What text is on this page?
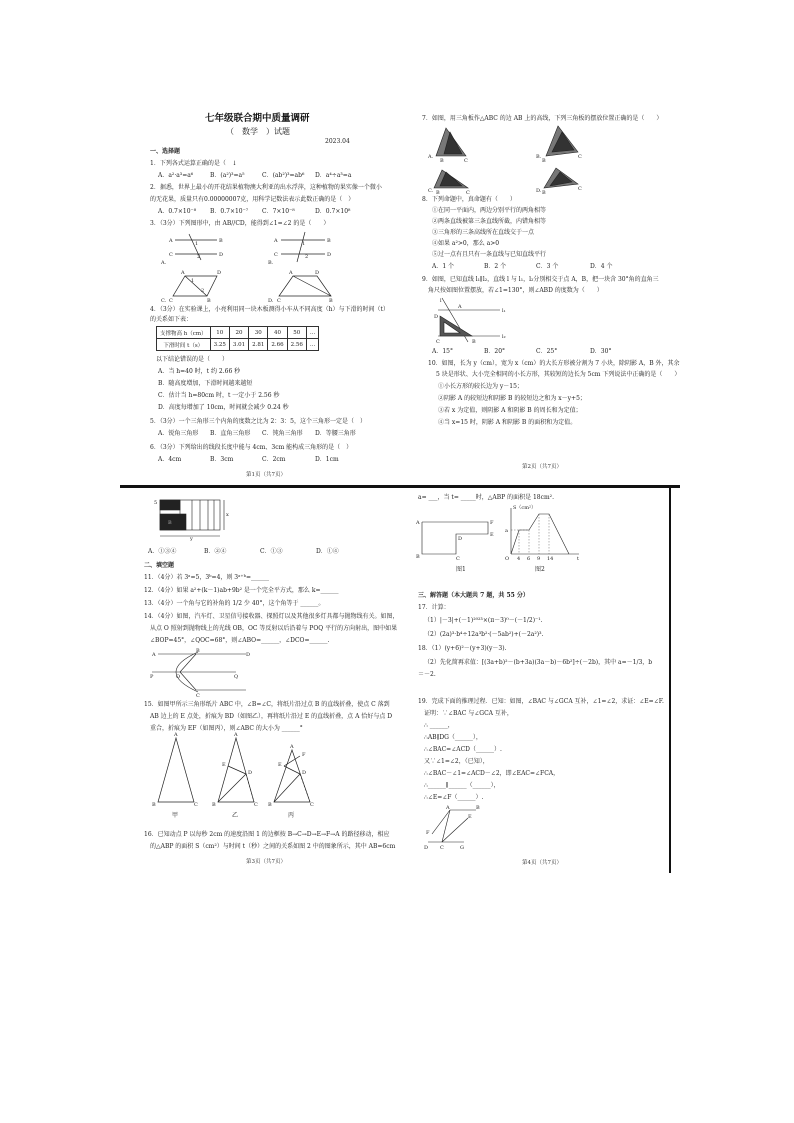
七年级联合期中质量调研
（　数学　）试题
2023.04
一、选择题
1．下列各式运算正确的是（　↓
A．a²·a³=a⁶	B．(a²)³=a⁵	C．(ab²)³=ab⁶ D．a⁴÷a³=a
2．据悉，世界上最小的开花结果植物澳大利亚的出水浮萍，这种植物的果实像一个微小
的无花果，质量只有0.00000007克，用科学记数法表示此数正确的是（　）
A．0.7×10⁻⁸ B．0.7×10⁻⁷ C．7×10⁻⁸	D．0.7×10⁸
3．（3分）下列图形中，由 AB//CD，能得到∠1=∠2 的是（　　）
A	B
C	D
1
2
A.
A	B
C	D
1
2
B.
A	D
C	B
1
2
C.
A	D
C	B
D.
4．（3分）在实验课上，小亮利用同一块木板测得小车从不同高度（h）与下滑的时间（t）
的关系如下表：
支撑物高 h（cm）	10	20	30	40	50	…
下滑时间 t（s）	3.25	3.01	2.81	2.66	2.56	…
以下结论错误的是（　　）
A．当 h=40 时，t 约 2.66 秒
B．随高度增加，下滑时间越来越短
C．估计当 h=80cm 时，t 一定小于 2.56 秒
D．高度每增加了 10cm，时间就会减少 0.24 秒
5．（3分）一个三角形三个内角的度数之比为 2：3：5，这个三角形一定是（　）
A．锐角三角形 B．直角三角形 C．钝角三角形 D．等腰三角形
6．（3分）下列给出的线段长度中能与 4cm、3cm 能构成三角形的是（　）
A．4cm	B．3cm	C．2cm	D．1cm
第1页（共7页）
7．如图，用三角板作△ABC 的边 AB 上的高线，下列三角板的摆放位置正确的是（　　）
A.
B	C
B.
B
C
C. B	C	D. B
C
8．下列命题中，真命题有（　　）
①在同一平面内，两边分别平行的两角相等
②两条直线被第三条直线所截，内错角相等
③三角形的三条高线所在直线交于一点
④如果 a²>0，那么 a>0
⑤过一点有且只有一条直线与已知直线平行
A．1 个	B．2 个	C．3 个	D．4 个
9．如图，已知直线 l₁∥l₂，直线 l 与 l₁，l₂分别相交于点 A，B，把一块含 30°角的直角三
角尺按如图位置摆放，若∠1=130°，则∠ABD 的度数为（　　）
l
l₁
l₂
D
A
B
C
A．15°	B．20°	C．25°	D．30°
10．如图，长为 y（cm），宽为 x（cm）的大长方形被分割为 7 小块，除阴影 A，B 外，其余
5 块是形状、大小完全相同的小长方形，其较短的边长为 5cm 下列说法中正确的是（　　）
①小长方形的较长边为 y－15；
②阴影 A 的较短边和阴影 B 的较短边之和为 x－y+5；
③若 x 为定值，则阴影 A 和阴影 B 的周长和为定值；
④当 x=15 时，阴影 A 和阴影 B 的面积和为定值。
第2页（共7页）
B
5
y
x
A．①③④	B．②④	C．①③	D．①④
二、填空题
11．（4分）若 3ᵃ=5，3ᵇ=4，则 3ᵃ⁺ᵇ=______
12．（4分）如果 a²+(k－1)ab+9b² 是一个完全平方式，那么 k=______
13．（4分）一个角与它的补角的 1/2 少 40°，这个角等于 ______。
14．（4分）如图，汽车灯、卫星信号接收器、探照灯以及其他很多灯具都与抛物线有关。如图，
从点 O 照射到抛物线上的光线 OB，OC 等反射以后沿着与 POQ 平行的方向射出，图中如果
∠BOP=45°，∠QOC=68°，则∠ABO=______，∠DCO=______.
A
B
D
P	O	Q
C
15．如图甲所示三角形纸片 ABC 中，∠B=∠C，将纸片沿过点 B 的直线折叠，使点 C 落到
AB 边上的 E 点处，折痕为 BD（如图乙），再将纸片沿过 E 的直线折叠，点 A 恰好与点 D
重合，折痕为 EF（如图丙），则∠ABC 的大小为 ______°
A
B	C
A
B	C
E
D
A
B	C
E
D
F
甲	乙	丙
16．已知动点 P 以每秒 2cm 的速度沿图 1 的边框按 B→C→D→E→F→A 的路径移动，相应
的△ABP 的面积 S（cm²）与时间 t（秒）之间的关系如图 2 中的图象所示，其中 AB=6cm
第3页（共7页）
a= ___，当 t= _____时，△ABP 的面积是 18cm².
A
B	C
D
E
F
图1
S（cm²）
a
O 4 6 9 14	t
图2
三、解答题（本大题共 7 题，共 55 分）
17．计算：
（1）|－3|+(－1)²⁰²³×(π－3)⁰－(－1/2)⁻¹.
（2）(2a)³·b⁴÷12a³b²·(－5ab²)+(－2a²)³.
18．（1）(y+6)²－(y+3)(y－3).
（2）先化简再求值：[(3a+b)²－(b+3a)(3a－b)－6b²]÷(－2b)，其中 a=－1/3，b
＝－2.
19．完成下面的推理过程．已知：如图，∠BAC 与∠GCA 互补，∠1=∠2，求证：∠E=∠F.
证明：∵∠BAC 与∠GCA 互补，
∴ ______，
∴AB∥DG（______），
∴∠BAC=∠ACD（______）.
又∵∠1=∠2，（已知），
∴∠BAC－∠1=∠ACD－∠2，即∠EAC=∠FCA，
∴______∥______（______），
∴∠E=∠F（______）.
A	B
F
E
D C	G
第4页（共7页）
